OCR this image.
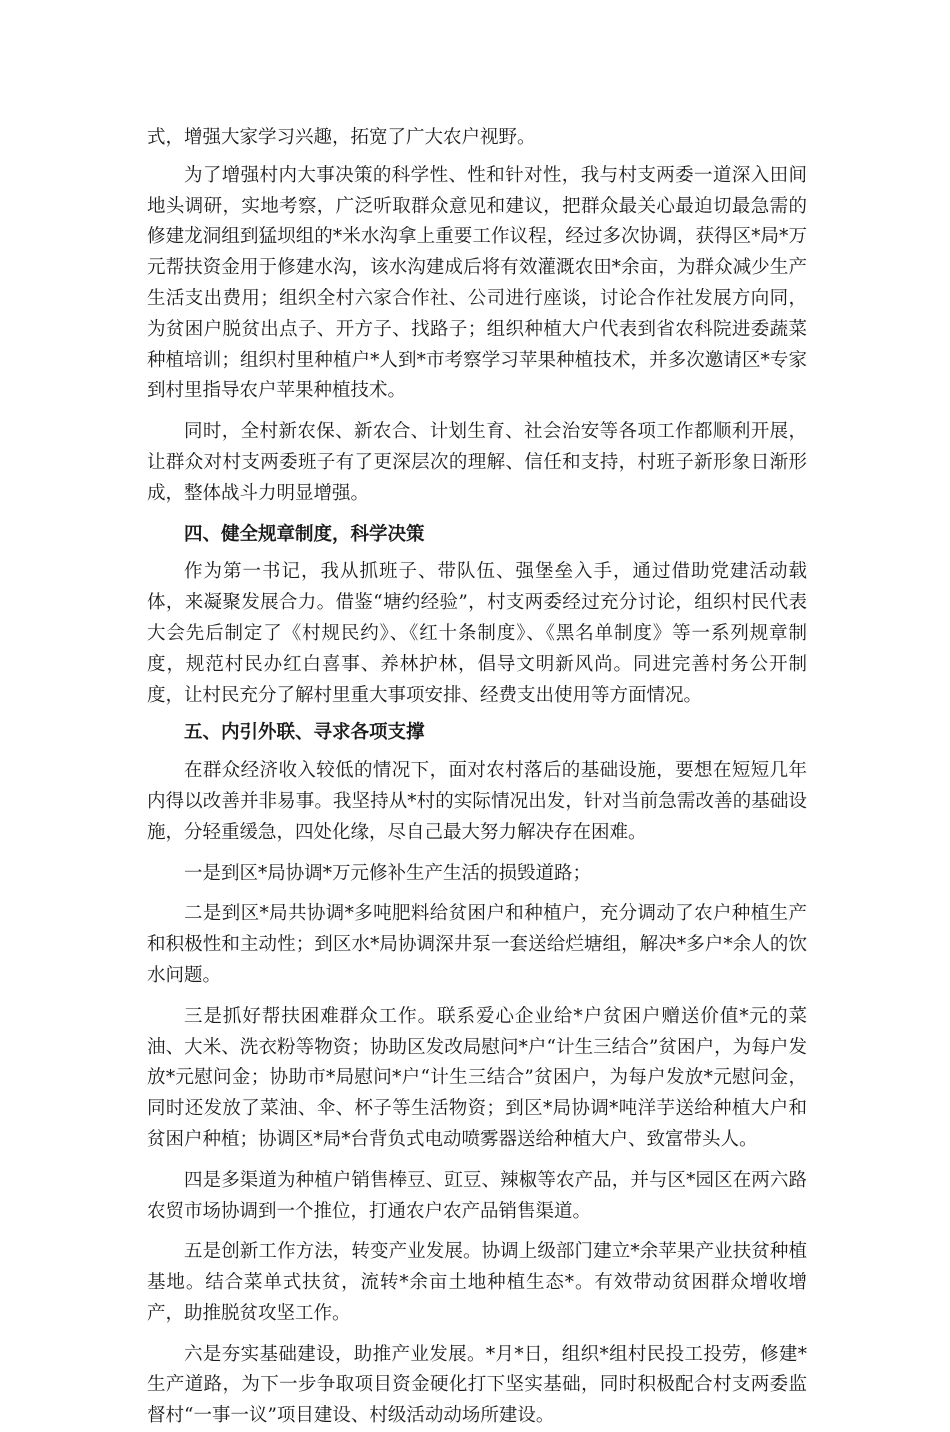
式，增强大家学习兴趣，拓宽了广大农户视野。

为了增强村内大事决策的科学性、性和针对性，我与村支两委一道深入田间地头调研，实地考察，广泛听取群众意见和建议，把群众最关心最迫切最急需的修建龙洞组到猛坝组的*米水沟拿上重要工作议程，经过多次协调，获得区*局*万元帮扶资金用于修建水沟，该水沟建成后将有效灌溉农田*余亩，为群众减少生产生活支出费用；组织全村六家合作社、公司进行座谈，讨论合作社发展方向同，为贫困户脱贫出点子、开方子、找路子；组织种植大户代表到省农科院进委蔬菜种植培训；组织村里种植户*人到*市考察学习苹果种植技术，并多次邀请区*专家到村里指导农户苹果种植技术。

同时，全村新农保、新农合、计划生育、社会治安等各项工作都顺利开展，让群众对村支两委班子有了更深层次的理解、信任和支持，村班子新形象日渐形成，整体战斗力明显增强。

四、健全规章制度，科学决策

作为第一书记，我从抓班子、带队伍、强堡垒入手，通过借助党建活动载体，来凝聚发展合力。借鉴“塘约经验”，村支两委经过充分讨论，组织村民代表大会先后制定了《村规民约》、《红十条制度》、《黑名单制度》等一系列规章制度，规范村民办红白喜事、养林护林，倡导文明新风尚。同进完善村务公开制度，让村民充分了解村里重大事项安排、经费支出使用等方面情况。

五、内引外联、寻求各项支撑

在群众经济收入较低的情况下，面对农村落后的基础设施，要想在短短几年内得以改善并非易事。我坚持从*村的实际情况出发，针对当前急需改善的基础设施，分轻重缓急，四处化缘，尽自己最大努力解决存在困难。

一是到区*局协调*万元修补生产生活的损毁道路；

二是到区*局共协调*多吨肥料给贫困户和种植户，充分调动了农户种植生产和积极性和主动性；到区水*局协调深井泵一套送给烂塘组，解决*多户*余人的饮水问题。

三是抓好帮扶困难群众工作。联系爱心企业给*户贫困户赠送价值*元的菜油、大米、洗衣粉等物资；协助区发改局慰问*户“计生三结合”贫困户，为每户发放*元慰问金；协助市*局慰问*户“计生三结合”贫困户，为每户发放*元慰问金，同时还发放了菜油、伞、杯子等生活物资；到区*局协调*吨洋芋送给种植大户和贫困户种植；协调区*局*台背负式电动喷雾器送给种植大户、致富带头人。

四是多渠道为种植户销售棒豆、豇豆、辣椒等农产品，并与区*园区在两六路农贸市场协调到一个推位，打通农户农产品销售渠道。

五是创新工作方法，转变产业发展。协调上级部门建立*余苹果产业扶贫种植基地。结合菜单式扶贫，流转*余亩土地种植生态*。有效带动贫困群众增收增产，助推脱贫攻坚工作。

六是夯实基础建设，助推产业发展。*月*日，组织*组村民投工投劳，修建*生产道路，为下一步争取项目资金硬化打下坚实基础，同时积极配合村支两委监督村“一事一议”项目建设、村级活动动场所建设。
